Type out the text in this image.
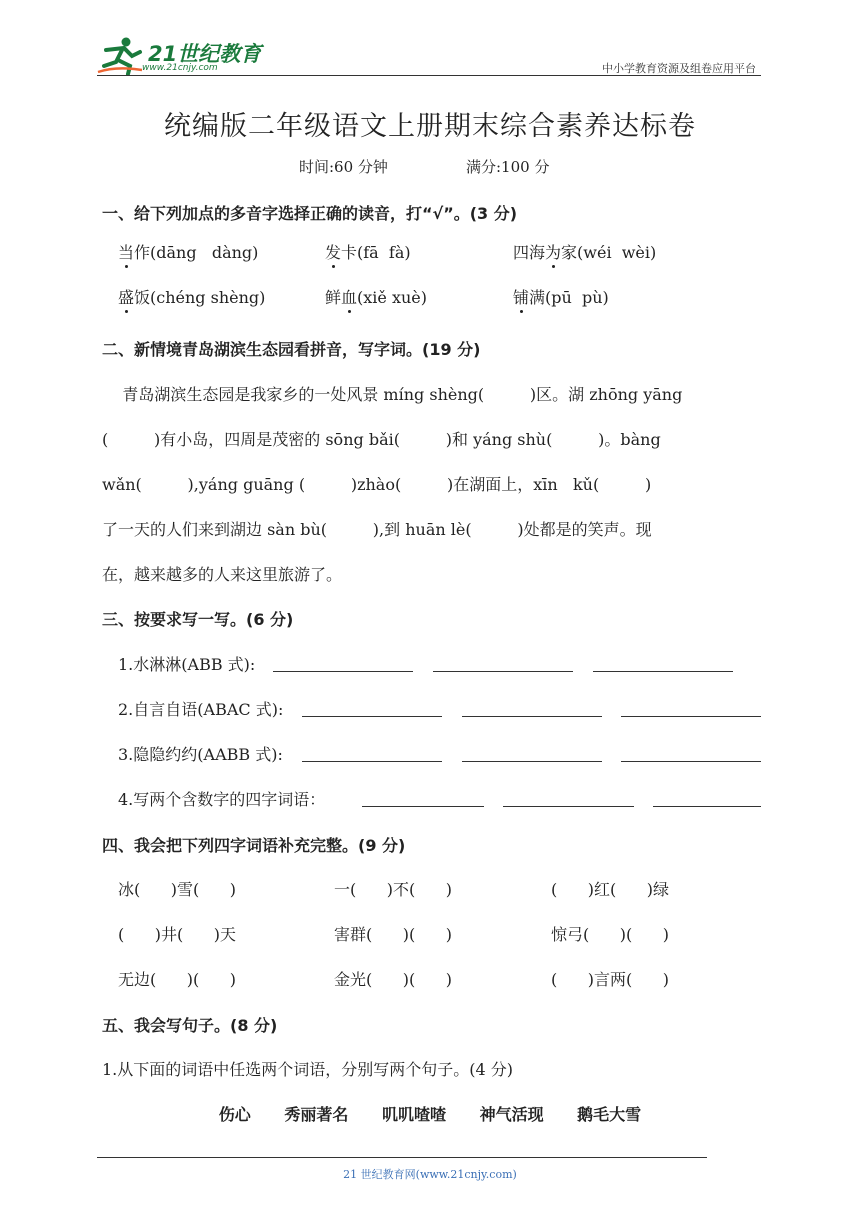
21世纪教育
www.21cnjy.com	中小学教育资源及组卷应用平台
统编版二年级语文上册期末综合素养达标卷
时间:60 分钟	满分:100 分
一、给下列加点的多音字选择正确的读音，打“√”。(3 分)
当作(dāng   dàng)	发卡(fā  fà)	四海为家(wéi  wèi)
盛饭(chéng shèng)	鲜血(xiě xuè)	铺满(pū  pù)
二、新情境青岛湖滨生态园看拼音，写字词。(19 分)
青岛湖滨生态园是我家乡的一处风景 míng shèng(         )区。湖 zhōng yāng
(         )有小岛，四周是茂密的 sōng bǎi(         )和 yáng shù(         )。bàng
wǎn(         ),yáng guāng (         )zhào(         )在湖面上，xīn   kǔ(         )
了一天的人们来到湖边 sàn bù(         ),到 huān lè(         )处都是的笑声。现
在，越来越多的人来这里旅游了。
三、按要求写一写。(6 分)
1.水淋淋(ABB 式):
2.自言自语(ABAC 式):
3.隐隐约约(AABB 式):
4.写两个含数字的四字词语：
四、我会把下列四字词语补充完整。(9 分)
冰(      )雪(      )	一(      )不(      )	(      )红(      )绿
(      )井(      )天	害群(      )(      )	惊弓(      )(      )
无边(      )(      )	金光(      )(      )	(      )言两(      )
五、我会写句子。(8 分)
1.从下面的词语中任选两个词语，分别写两个句子。(4 分)
伤心 秀丽著名 叽叽喳喳 神气活现 鹅毛大雪
21 世纪教育网(www.21cnjy.com)
